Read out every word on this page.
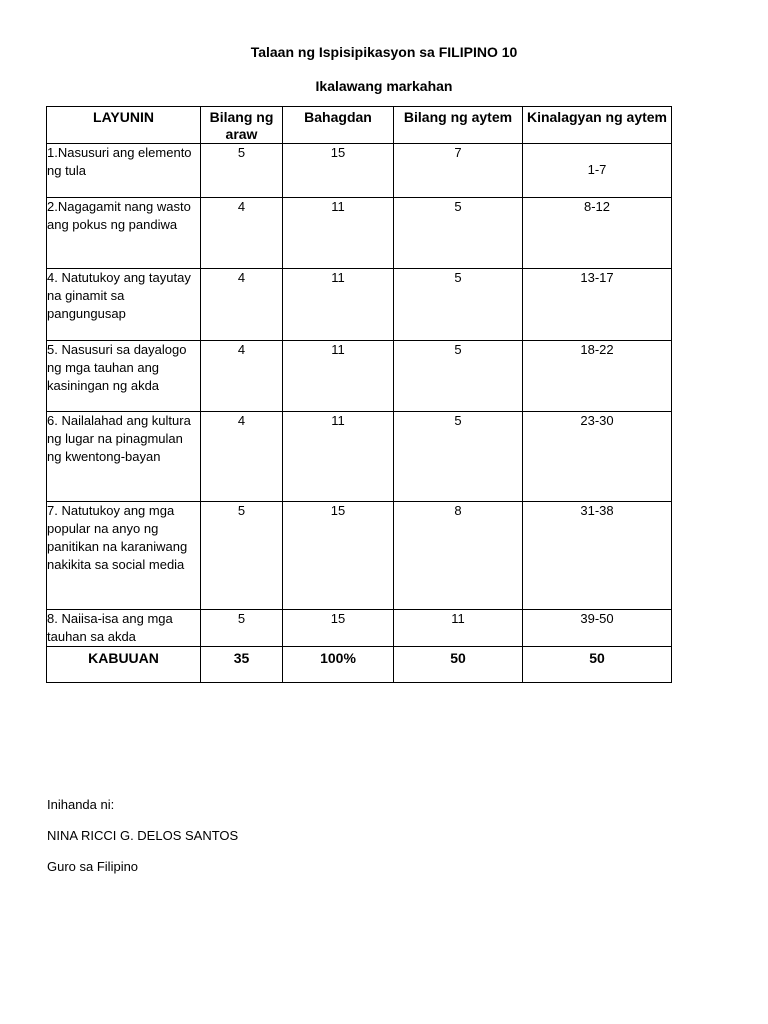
Talaan ng Ispisipikasyon sa FILIPINO 10
Ikalawang markahan
LAYUNIN	Bilang ng araw	Bahagdan	Bilang ng aytem	Kinalagyan ng aytem
1.Nasusuri ang elemento ng tula	5	15	7	1-7

2.Nagagamit nang wasto ang pokus ng pandiwa	4	11	5	8-12
4. Natutukoy ang tayutay na ginamit sa pangungusap	4	11	5	13-17
5. Nasusuri sa dayalogo ng mga tauhan ang kasiningan ng akda	4	11	5	18-22
6. Nailalahad ang kultura ng lugar na pinagmulan ng kwentong-bayan	4	11	5	23-30
7. Natutukoy ang mga popular na anyo ng panitikan na karaniwang nakikita sa social media	5	15	8	31-38
8. Naiisa-isa ang mga tauhan sa akda	5	15	11	39-50
KABUUAN	35	100%	50	50
Inihanda ni:
NINA RICCI G. DELOS SANTOS
Guro sa Filipino
